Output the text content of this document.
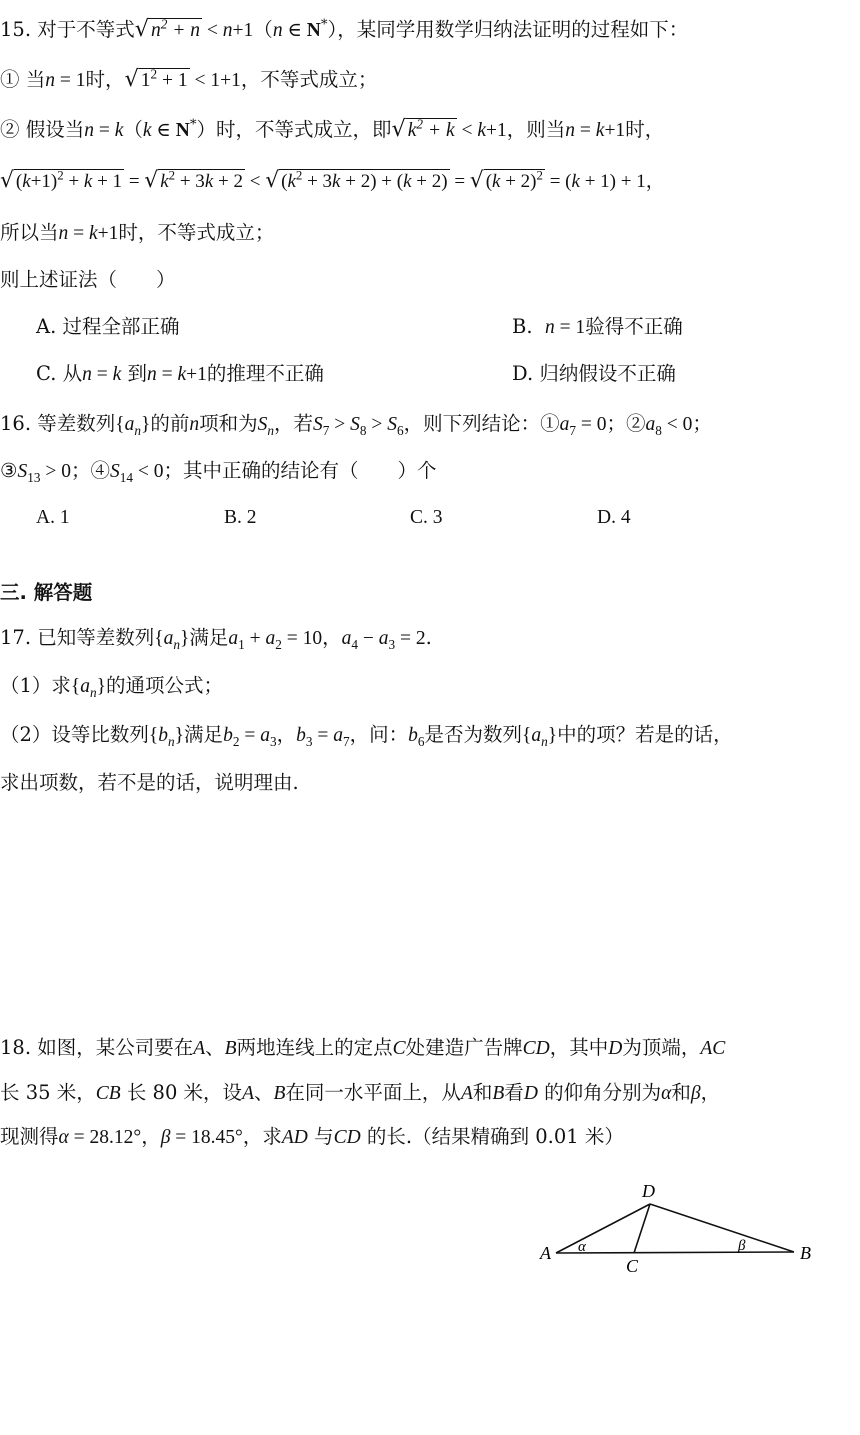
15. 对于不等式√ $n^2 + n < n+1(n$ ∈ N*），某同学用数学归纳法证明的过程如下：
① 当n = 1时，√ $1^2 + 1 < 1+1$，不等式成立；
② 假设当n = k（k ∈ N*）时，不等式成立，即√ $k^2 + k < k+1$，则当n = k+1时，
√ $(k+1)^2 + k + 1$ = √ $k^2 + 3k + 2$ < √ $(k^2 + 3k + 2) + (k + 2)$ = √ $(k + 2)^2 = (k + 1) + 1$，
所以当n = k+1时，不等式成立；
则上述证法（　　）
A. 过程全部正确	B. n = 1验得不正确
C. 从n = k 到n = k+1的推理不正确	D. 归纳假设不正确
16. 等差数列$\{a_n\}$的前n项和为$S_n$，若$S_7 > S_8 > S_6$，则下列结论：$①a_7 = 0$；$②a_8 < 0$；
$③S_{13} > 0$；$④S_{14} < 0$；其中正确的结论有（　　）个
A. 1	B. 2	C. 3	D. 4
三. 解答题
17. 已知等差数列$\{a_n\}$满足$a_1 + a_2 = 10$，$a_4 - a_3 = 2$.
（1）求$\{a_n\}$的通项公式；
（2）设等比数列$\{b_n\}$满足$b_2 = a_3$，$b_3 = a_7$，问：$b_6$是否为数列$\{a_n\}$中的项？若是的话，
求出项数，若不是的话，说明理由.
18. 如图，某公司要在A、B两地连线上的定点C处建造广告牌CD，其中D为顶端，AC
长 35 米，CB 长 80 米，设A、B在同一水平面上，从A和B看D 的仰角分别为α和β，
现测得α = 28.12°，β = 18.45°，求AD 与CD 的长.（结果精确到 0.01 米）
A	B
C
D
α	β
